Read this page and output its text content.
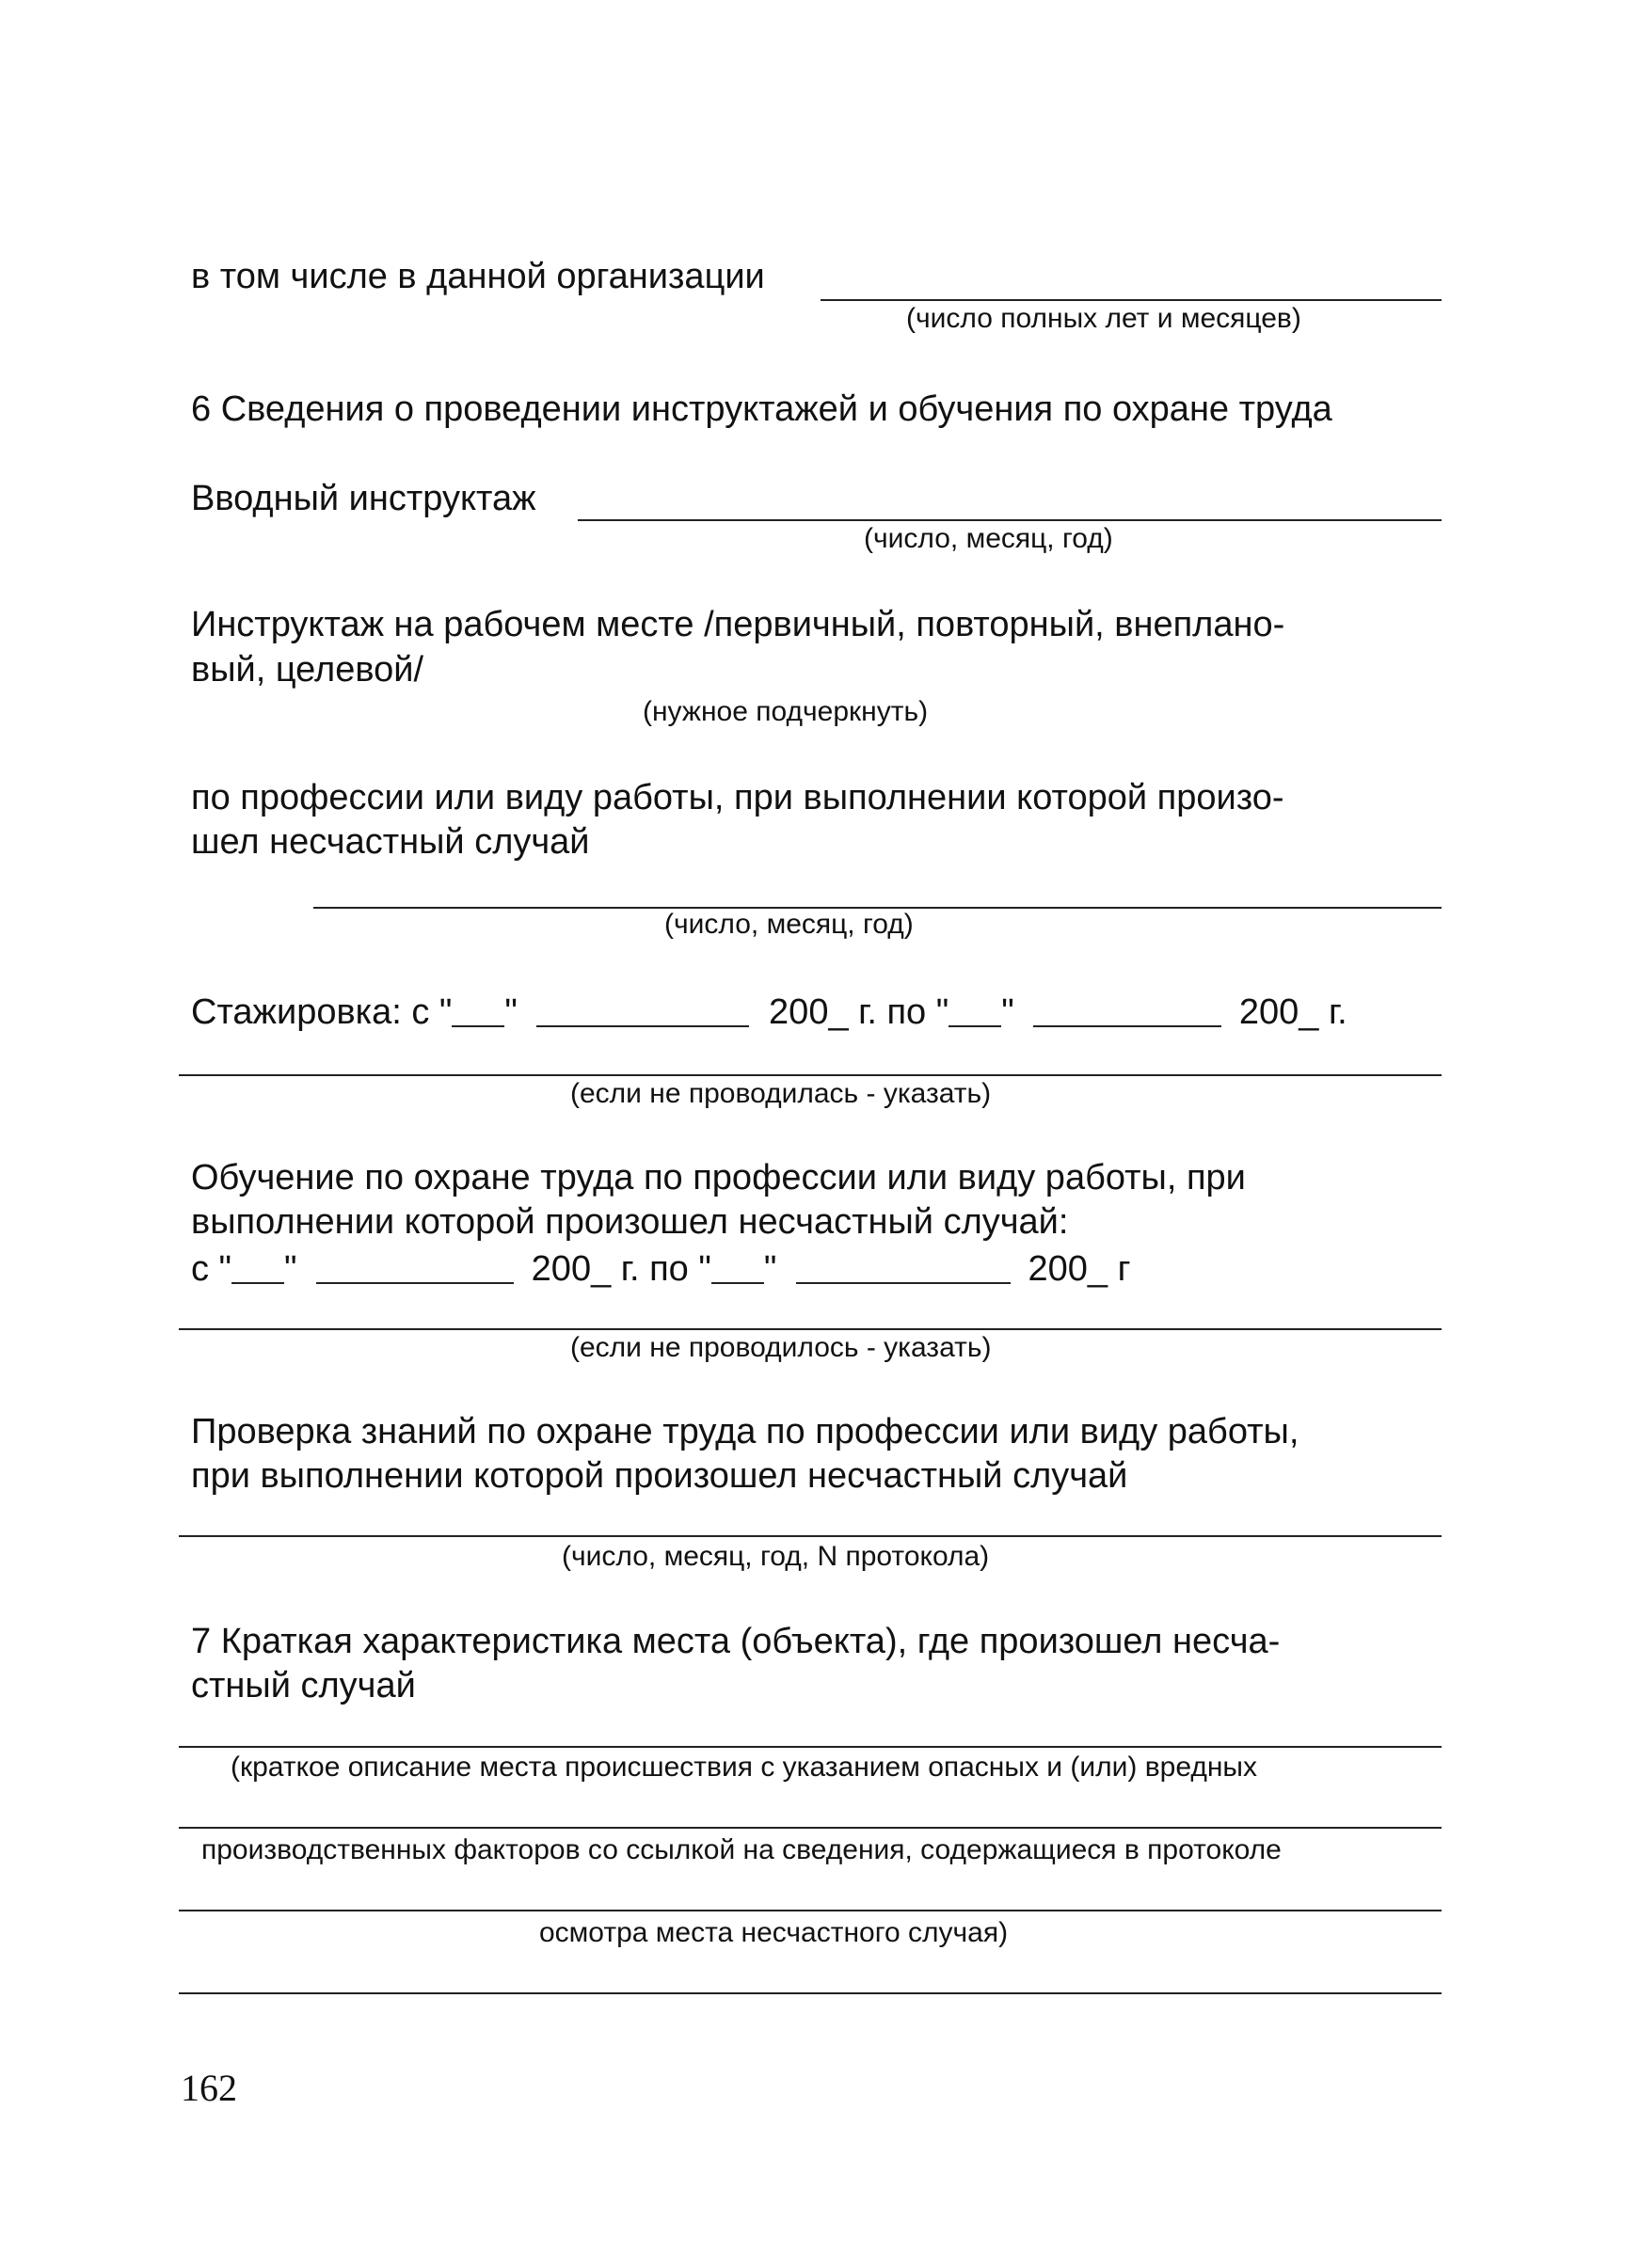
в том числе в данной организации
(число полных лет и месяцев)
6 Сведения о проведении инструктажей и обучения по охране труда
Вводный инструктаж
(число, месяц, год)
Инструктаж на рабочем месте /первичный, повторный, внеплано-
вый, целевой/
(нужное подчеркнуть)
по профессии или виду работы, при выполнении которой произо-
шел несчастный случай
(число, месяц, год)
Стажировка: с " "	200_ г. по " "	200_ г.
(если не проводилась - указать)
Обучение по охране труда по профессии или виду работы, при
выполнении которой произошел несчастный случай:
с " "	200_ г. по " "	200_ г
(если не проводилось - указать)
Проверка знаний по охране труда по профессии или виду работы,
при выполнении которой произошел несчастный случай
(число, месяц, год, N протокола)
7 Краткая характеристика места (объекта), где произошел несча-
стный случай
(краткое описание места происшествия с указанием опасных и (или) вредных
производственных факторов со ссылкой на сведения, содержащиеся в протоколе
осмотра места несчастного случая)
162
